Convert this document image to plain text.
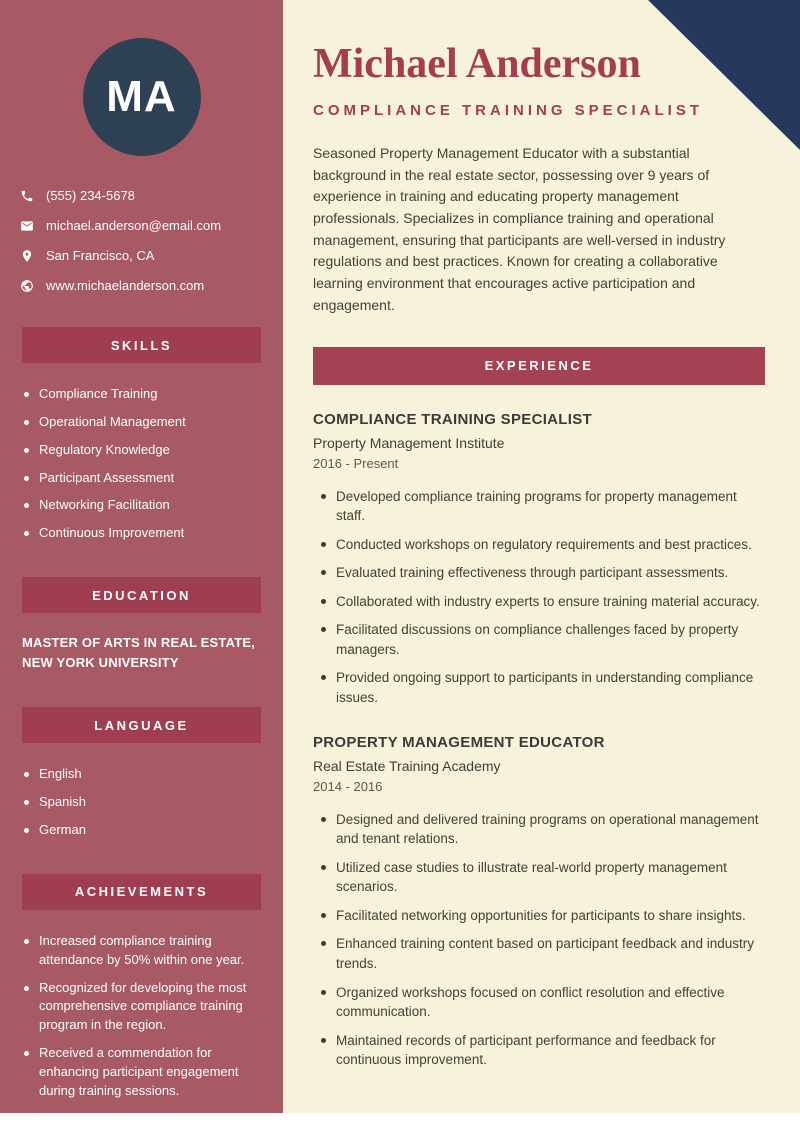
MA
(555) 234-5678
michael.anderson@email.com
San Francisco, CA
www.michaelanderson.com
SKILLS
Compliance Training
Operational Management
Regulatory Knowledge
Participant Assessment
Networking Facilitation
Continuous Improvement
EDUCATION

MASTER OF ARTS IN REAL ESTATE, NEW YORK UNIVERSITY

LANGUAGE
English
Spanish
German
ACHIEVEMENTS
Increased compliance training attendance by 50% within one year.
Recognized for developing the most comprehensive compliance training program in the region.
Received a commendation for enhancing participant engagement during training sessions.
Michael Anderson
COMPLIANCE TRAINING SPECIALIST

Seasoned Property Management Educator with a substantial background in the real estate sector, possessing over 9 years of experience in training and educating property management professionals. Specializes in compliance training and operational management, ensuring that participants are well-versed in industry regulations and best practices. Known for creating a collaborative learning environment that encourages active participation and engagement.

EXPERIENCE
COMPLIANCE TRAINING SPECIALIST
Property Management Institute
2016 - Present
Developed compliance training programs for property management staff.
Conducted workshops on regulatory requirements and best practices.
Evaluated training effectiveness through participant assessments.
Collaborated with industry experts to ensure training material accuracy.
Facilitated discussions on compliance challenges faced by property managers.
Provided ongoing support to participants in understanding compliance issues.
PROPERTY MANAGEMENT EDUCATOR
Real Estate Training Academy
2014 - 2016
Designed and delivered training programs on operational management and tenant relations.
Utilized case studies to illustrate real-world property management scenarios.
Facilitated networking opportunities for participants to share insights.
Enhanced training content based on participant feedback and industry trends.
Organized workshops focused on conflict resolution and effective communication.
Maintained records of participant performance and feedback for continuous improvement.
